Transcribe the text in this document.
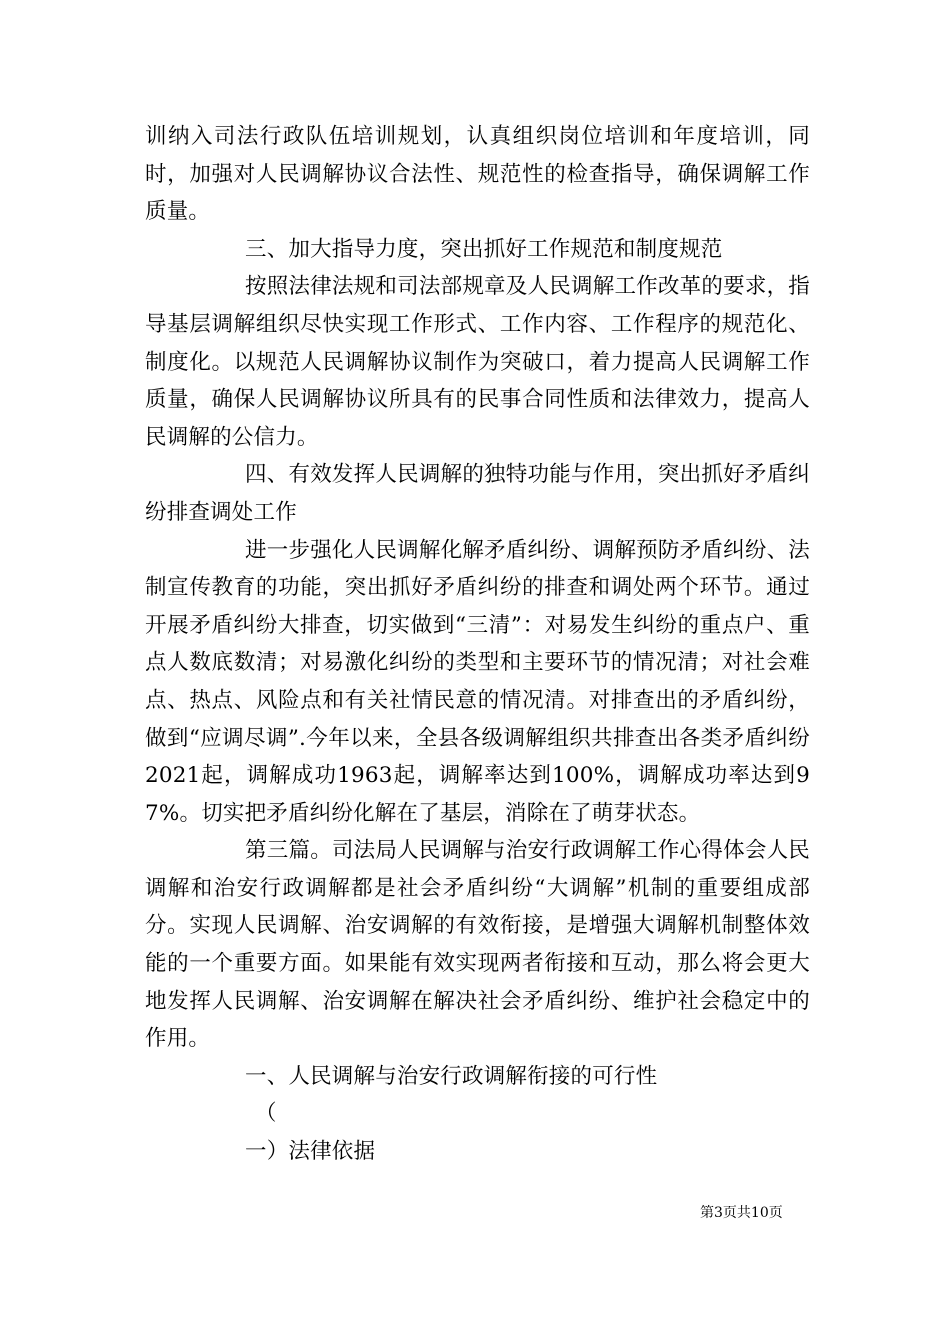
训纳入司法行政队伍培训规划，认真组织岗位培训和年度培训，同时，加强对人民调解协议合法性、规范性的检查指导，确保调解工作质量。

三、加大指导力度，突出抓好工作规范和制度规范

按照法律法规和司法部规章及人民调解工作改革的要求，指导基层调解组织尽快实现工作形式、工作内容、工作程序的规范化、制度化。以规范人民调解协议制作为突破口，着力提高人民调解工作质量，确保人民调解协议所具有的民事合同性质和法律效力，提高人民调解的公信力。

四、有效发挥人民调解的独特功能与作用，突出抓好矛盾纠纷排查调处工作

进一步强化人民调解化解矛盾纠纷、调解预防矛盾纠纷、法制宣传教育的功能，突出抓好矛盾纠纷的排查和调处两个环节。通过开展矛盾纠纷大排查，切实做到“三清”：对易发生纠纷的重点户、重点人数底数清；对易激化纠纷的类型和主要环节的情况清；对社会难点、热点、风险点和有关社情民意的情况清。对排查出的矛盾纠纷，做到“应调尽调”.今年以来，全县各级调解组织共排查出各类矛盾纠纷2021起，调解成功1963起，调解率达到100%，调解成功率达到97%。切实把矛盾纠纷化解在了基层，消除在了萌芽状态。

第三篇。司法局人民调解与治安行政调解工作心得体会人民调解和治安行政调解都是社会矛盾纠纷“大调解”机制的重要组成部分。实现人民调解、治安调解的有效衔接，是增强大调解机制整体效能的一个重要方面。如果能有效实现两者衔接和互动，那么将会更大地发挥人民调解、治安调解在解决社会矛盾纠纷、维护社会稳定中的作用。

一、人民调解与治安行政调解衔接的可行性

（

一）法律依据

第3页共10页
